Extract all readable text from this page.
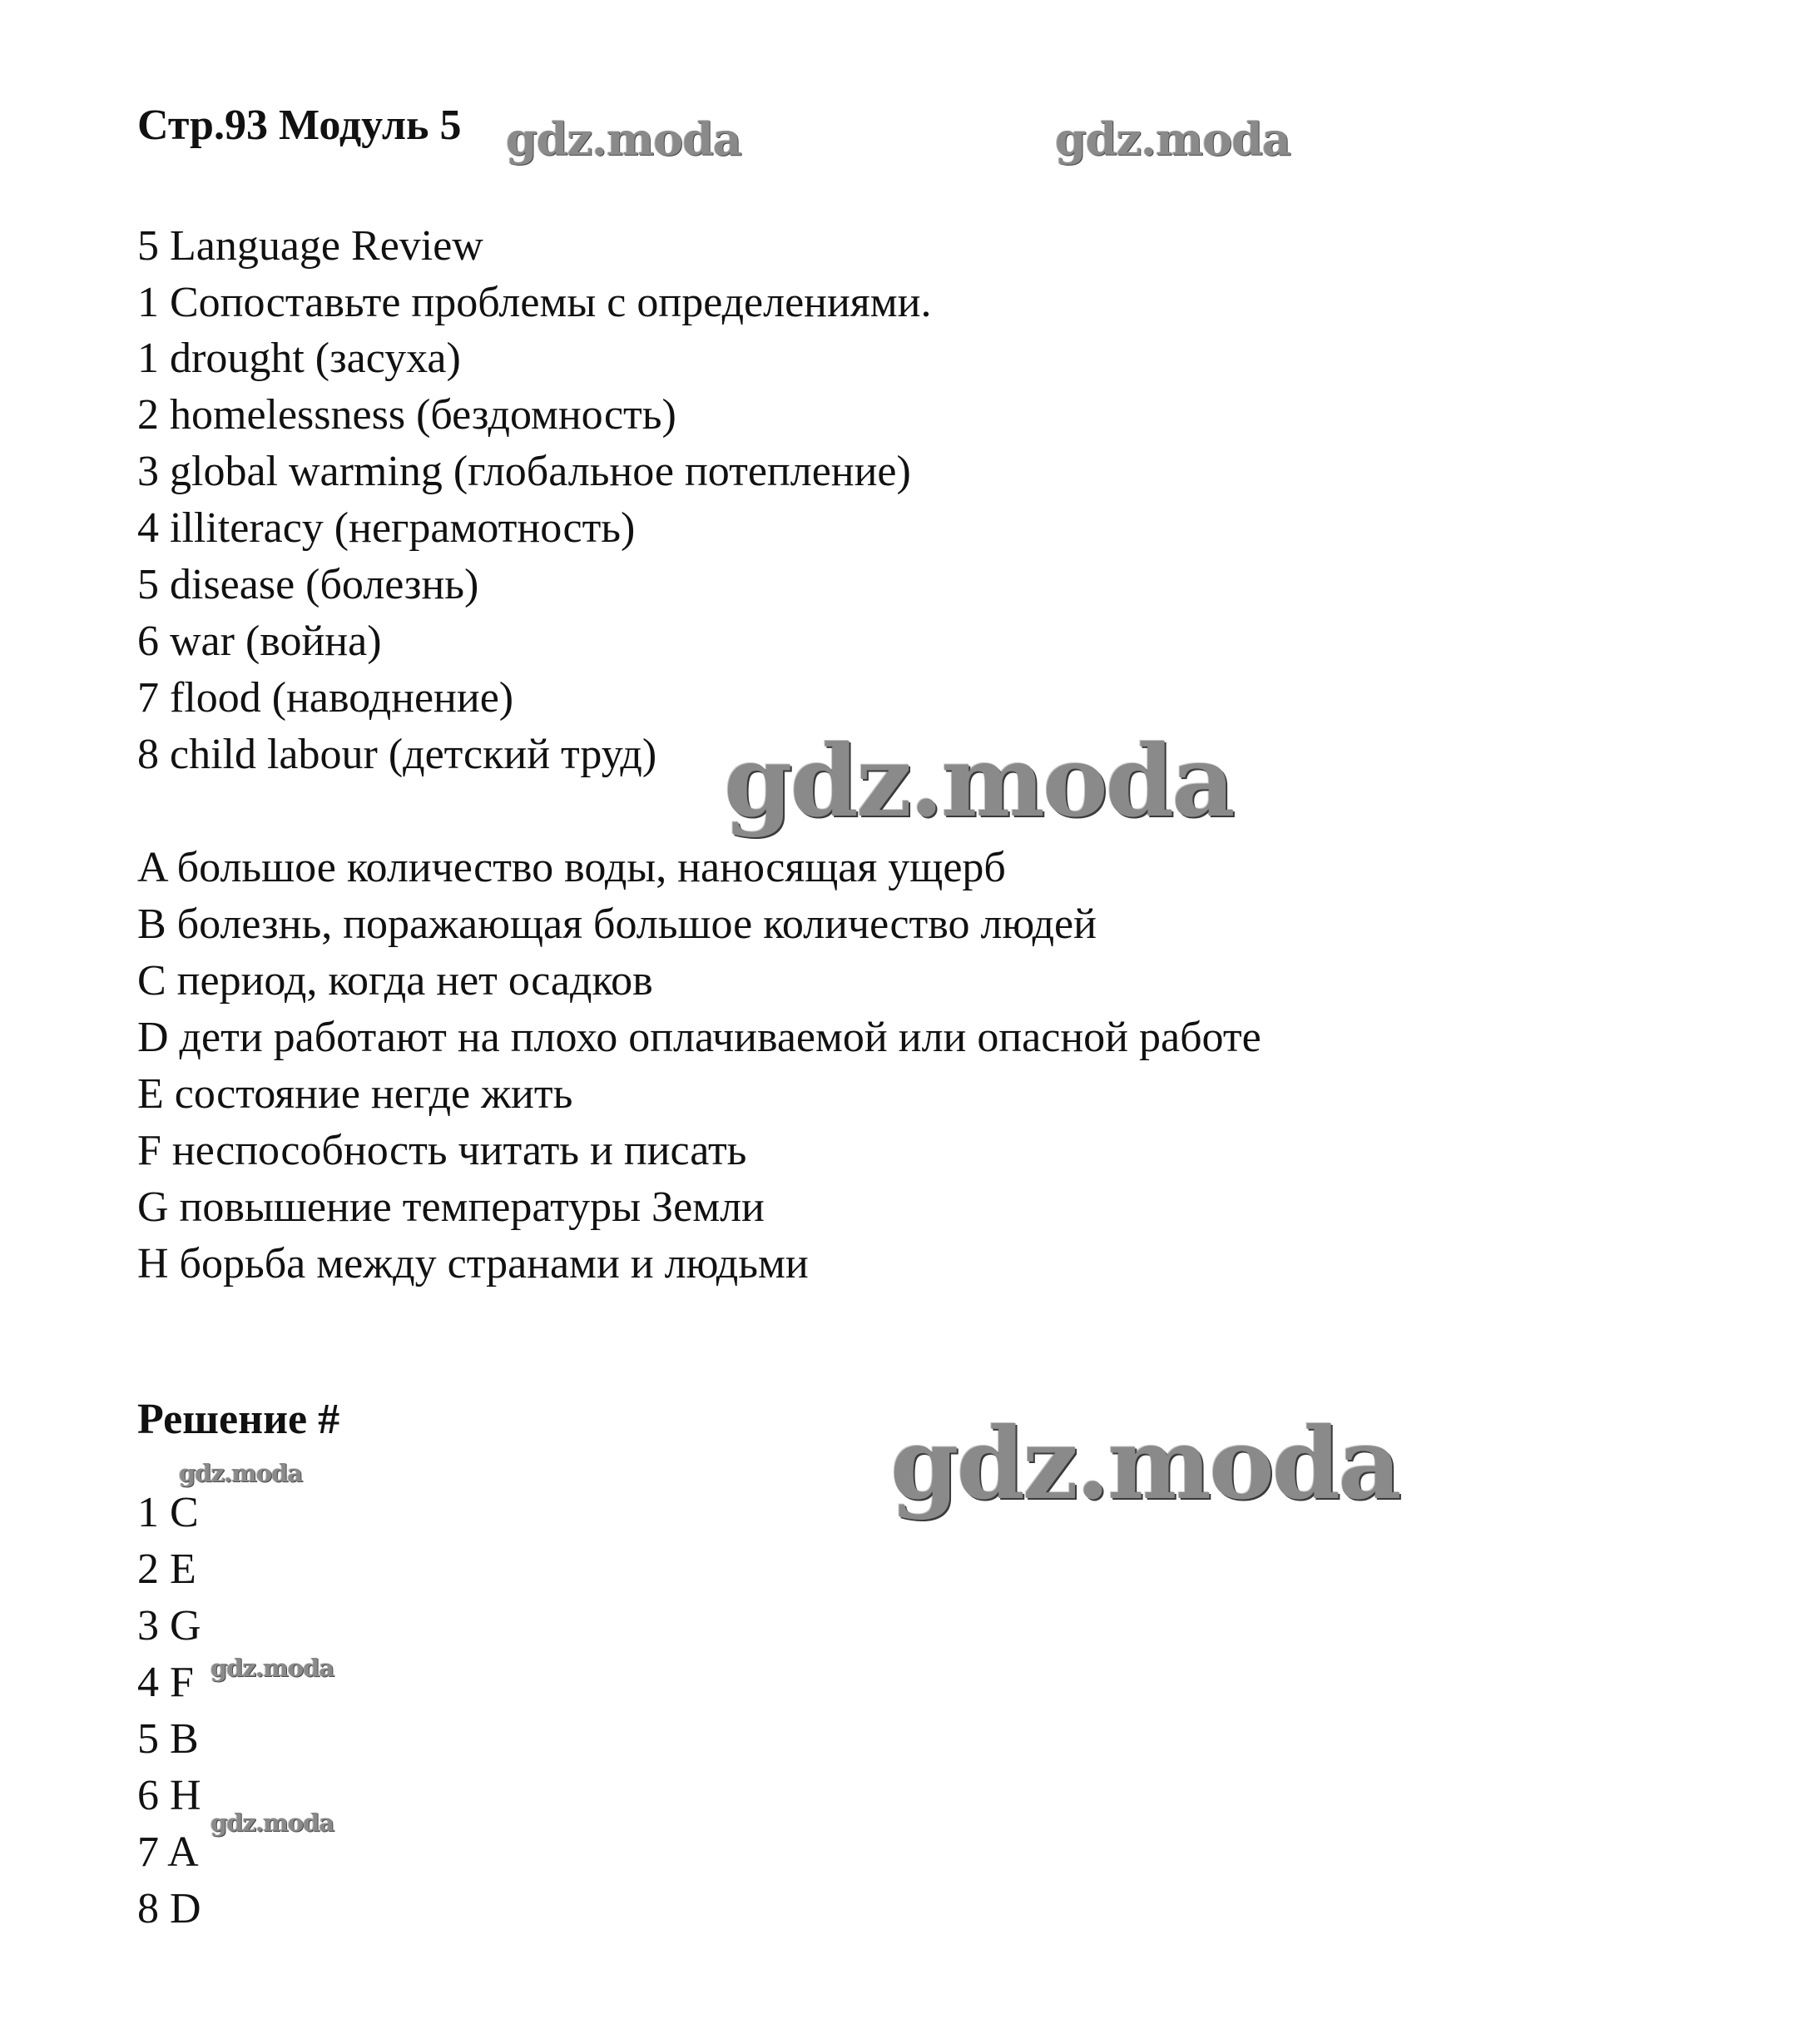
Стр.93 Модуль 5
5 Language Review
1 Сопоставьте проблемы с определениями.
1 drought (засуха)
2 homelessness (бездомность)
3 global warming (глобальное потепление)
4 illiteracy (неграмотность)
5 disease (болезнь)
6 war (война)
7 flood (наводнение)
8 child labour (детский труд)
A большое количество воды, наносящая ущерб
B болезнь, поражающая большое количество людей
C период, когда нет осадков
D дети работают на плохо оплачиваемой или опасной работе
E состояние негде жить
F неспособность читать и писать
G повышение температуры Земли
H борьба между странами и людьми
Решение #
1 C
2 E
3 G
4 F
5 B
6 H
7 A
8 D
gdz.moda	gdz.moda
gdz.moda
gdz.moda
gdz.moda
gdz.moda
gdz.moda
